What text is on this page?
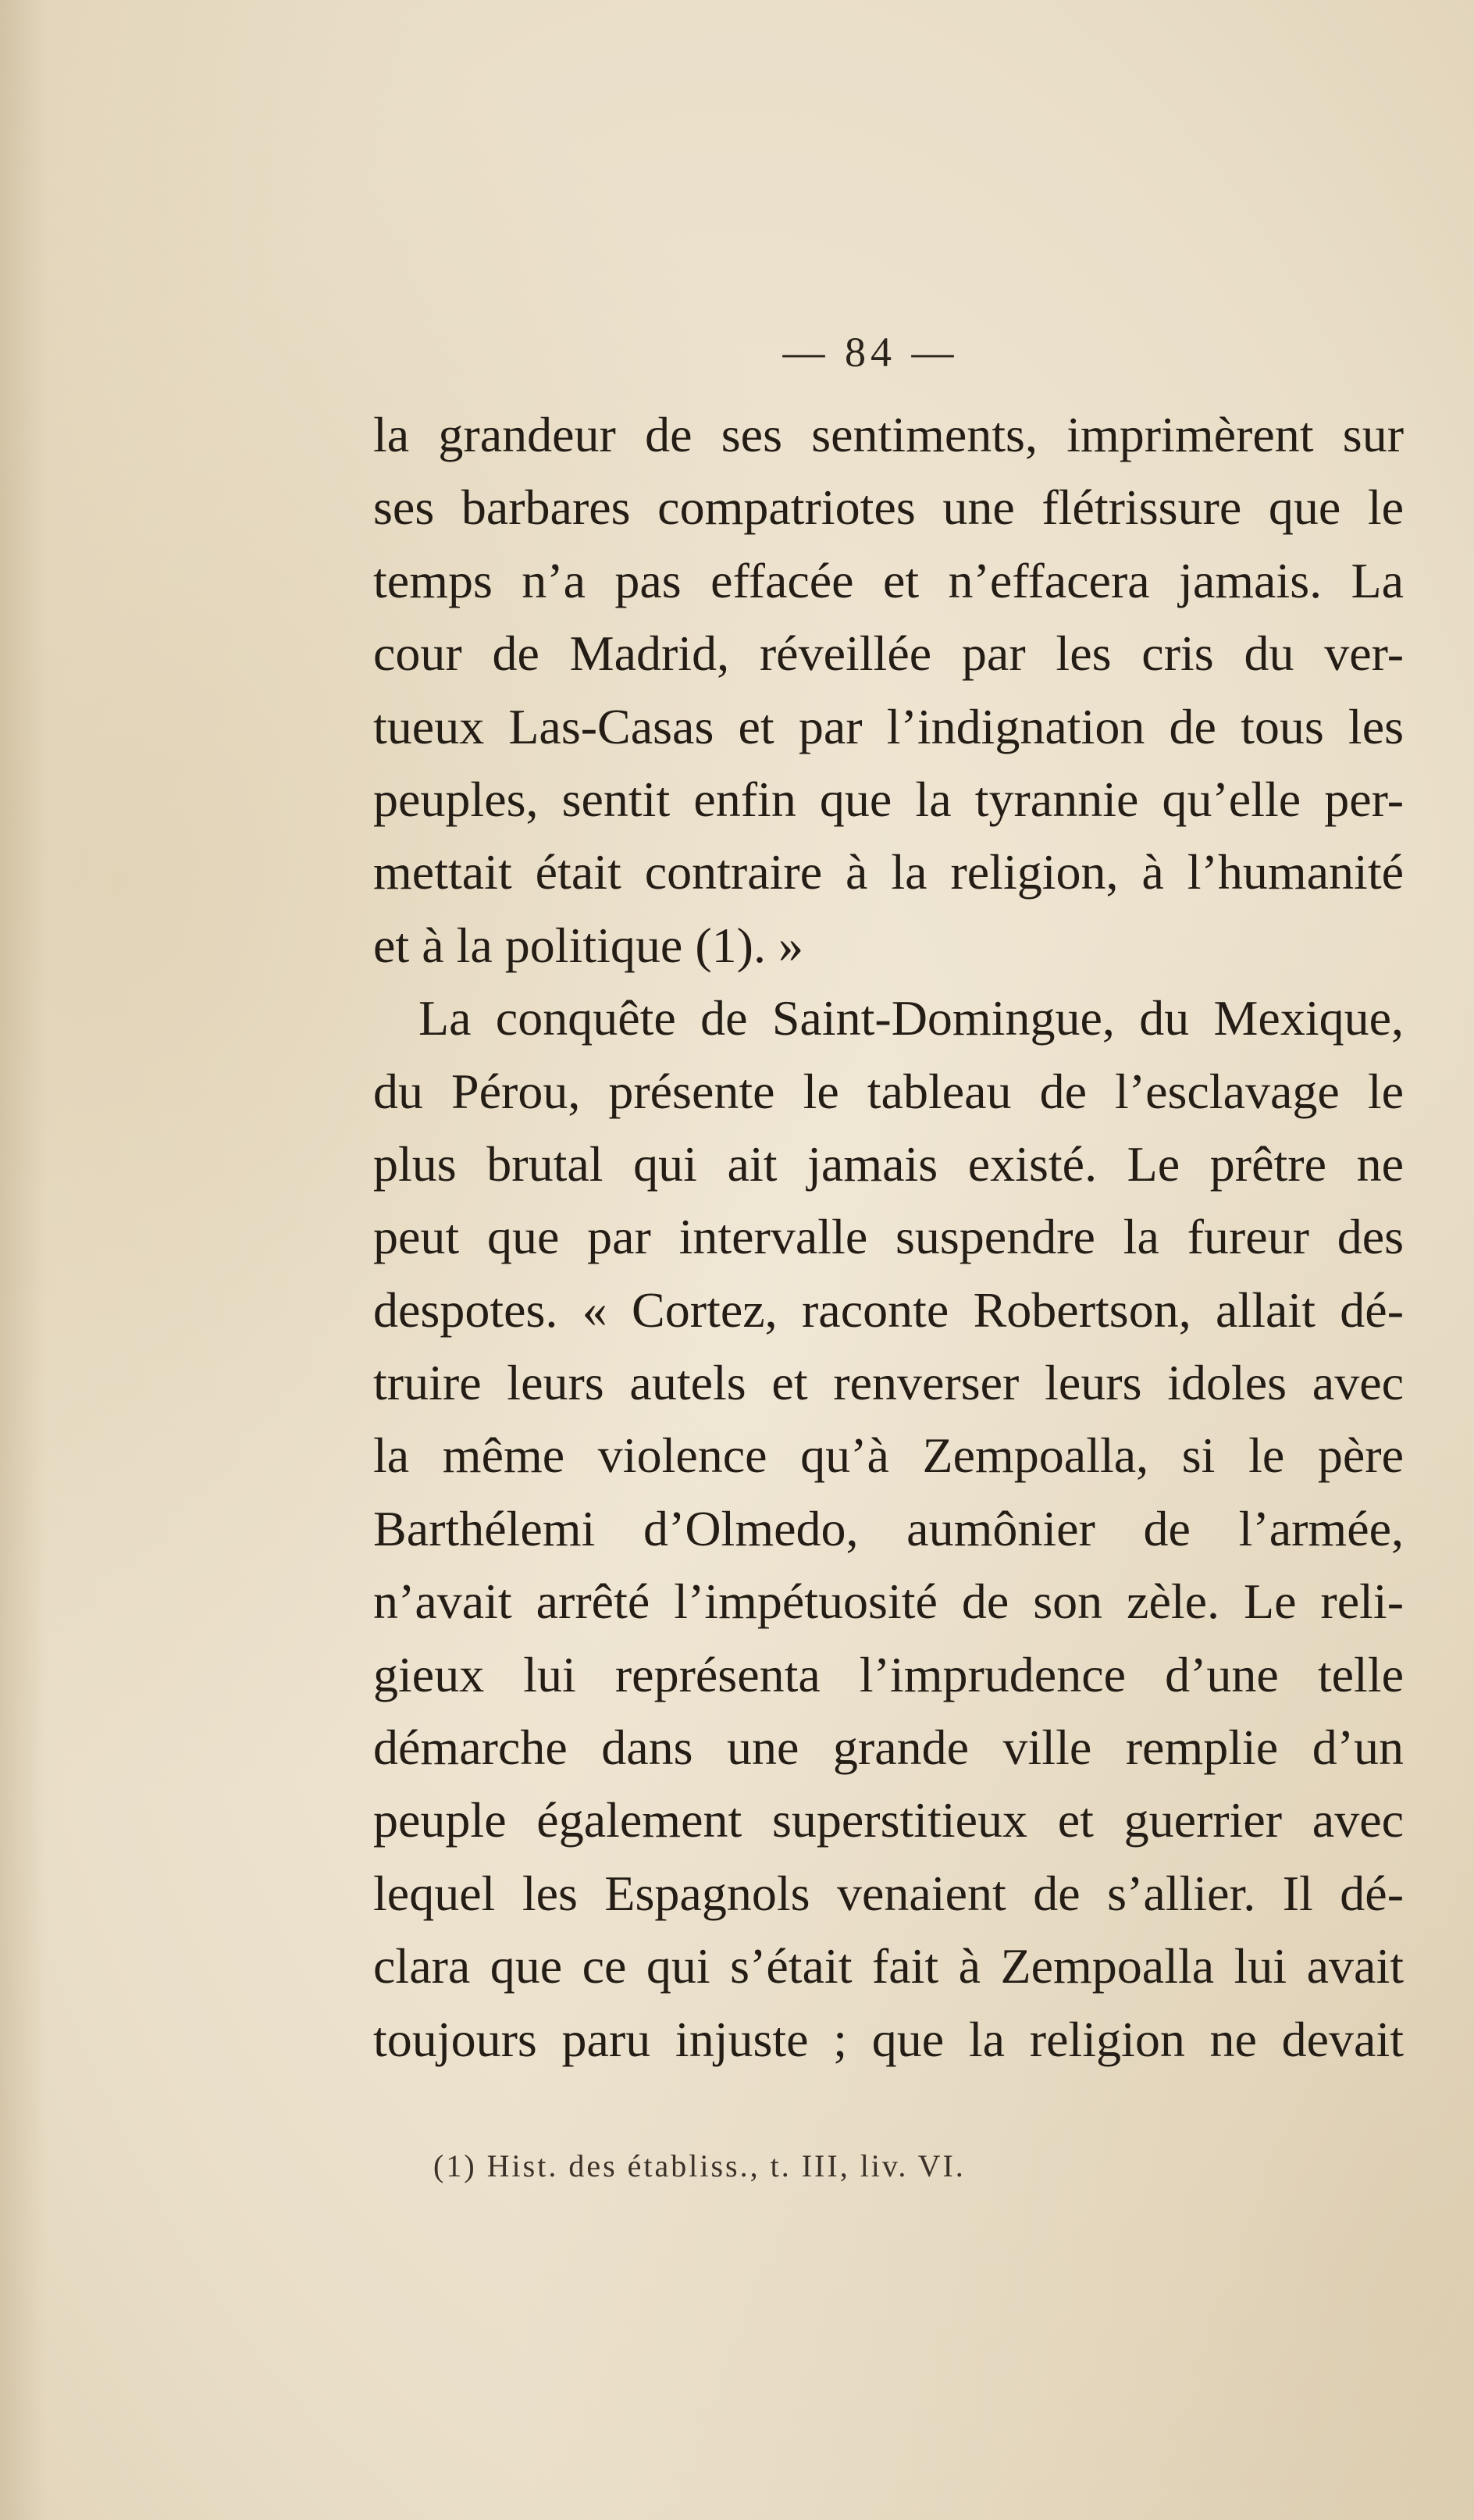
— 84 —
la grandeur de ses sentiments, imprimèrent sur
ses barbares compatriotes une flétrissure que le
temps n’a pas effacée et n’effacera jamais. La
cour de Madrid, réveillée par les cris du ver-
tueux Las-Casas et par l’indignation de tous les
peuples, sentit enfin que la tyrannie qu’elle per-
mettait était contraire à la religion, à l’humanité
et à la politique (1). »
La conquête de Saint-Domingue, du Mexique,
du Pérou, présente le tableau de l’esclavage le
plus brutal qui ait jamais existé. Le prêtre ne
peut que par intervalle suspendre la fureur des
despotes. « Cortez, raconte Robertson, allait dé-
truire leurs autels et renverser leurs idoles avec
la même violence qu’à Zempoalla, si le père
Barthélemi d’Olmedo, aumônier de l’armée,
n’avait arrêté l’impétuosité de son zèle. Le reli-
gieux lui représenta l’imprudence d’une telle
démarche dans une grande ville remplie d’un
peuple également superstitieux et guerrier avec
lequel les Espagnols venaient de s’allier. Il dé-
clara que ce qui s’était fait à Zempoalla lui avait
toujours paru injuste ; que la religion ne devait
(1) Hist. des établiss., t. III, liv. VI.
